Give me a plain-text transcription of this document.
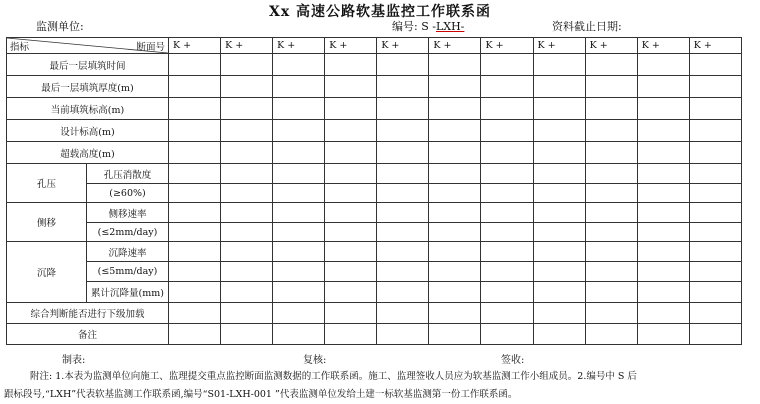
Xx 高速公路软基监控工作联系函
监测单位:	编号: S -LXH-	资料截止日期:
指标 断面号		K +	K +	K +	K +	K +	K +	K +	K +	K +	K +	K +
最后一层填筑时间												
最后一层填筑厚度(m)												
当前填筑标高(m)												
设计标高(m)												
超载高度(m)												
孔压	孔压消散度											
	(≥60%)											
侧移	侧移速率											
	(≤2mm/day)											
沉降	沉降速率											
	(≤5mm/day)											
	累计沉降量(mm)											
综合判断能否进行下级加载												
备注												
制表:	复核:	签收:
附注: 1.本表为监测单位向施工、监理提交重点监控断面监测数据的工作联系函。施工、监理签收人员应为软基监测工作小组成员。2.编号中 S 后
跟标段号,“LXH”代表软基监测工作联系函,编号“S01-LXH-001 ”代表监测单位发给土建一标软基监测第一份工作联系函。
